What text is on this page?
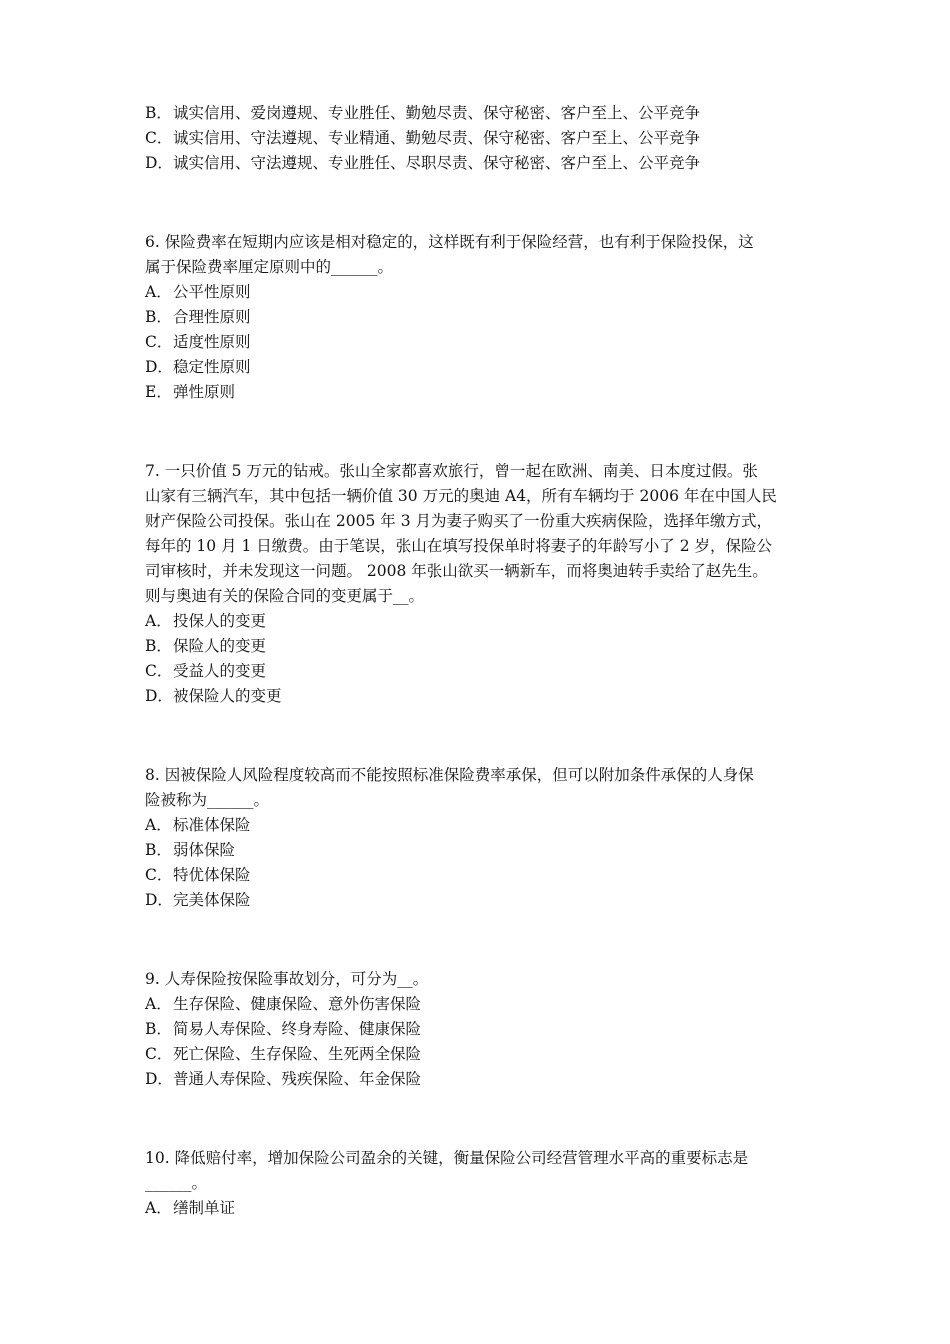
B．诚实信用、爱岗遵规、专业胜任、勤勉尽责、保守秘密、客户至上、公平竞争
C．诚实信用、守法遵规、专业精通、勤勉尽责、保守秘密、客户至上、公平竞争
D．诚实信用、守法遵规、专业胜任、尽职尽责、保守秘密、客户至上、公平竞争
6. 保险费率在短期内应该是相对稳定的，这样既有利于保险经营，也有利于保险投保，这
属于保险费率厘定原则中的______。
A．公平性原则
B．合理性原则
C．适度性原则
D．稳定性原则
E．弹性原则
7. 一只价值 5 万元的钻戒。张山全家都喜欢旅行，曾一起在欧洲、南美、日本度过假。张
山家有三辆汽车，其中包括一辆价值 30 万元的奥迪 A4，所有车辆均于 2006 年在中国人民
财产保险公司投保。张山在 2005 年 3 月为妻子购买了一份重大疾病保险，选择年缴方式，
每年的 10 月 1 日缴费。由于笔误，张山在填写投保单时将妻子的年龄写小了 2 岁，保险公
司审核时，并未发现这一问题。 2008 年张山欲买一辆新车，而将奥迪转手卖给了赵先生。
则与奥迪有关的保险合同的变更属于__。
A．投保人的变更
B．保险人的变更
C．受益人的变更
D．被保险人的变更
8. 因被保险人风险程度较高而不能按照标准保险费率承保，但可以附加条件承保的人身保
险被称为______。
A．标准体保险
B．弱体保险
C．特优体保险
D．完美体保险
9. 人寿保险按保险事故划分，可分为__。
A．生存保险、健康保险、意外伤害保险
B．简易人寿保险、终身寿险、健康保险
C．死亡保险、生存保险、生死两全保险
D．普通人寿保险、残疾保险、年金保险
10. 降低赔付率，增加保险公司盈余的关键，衡量保险公司经营管理水平高的重要标志是
______。
A．缮制单证
